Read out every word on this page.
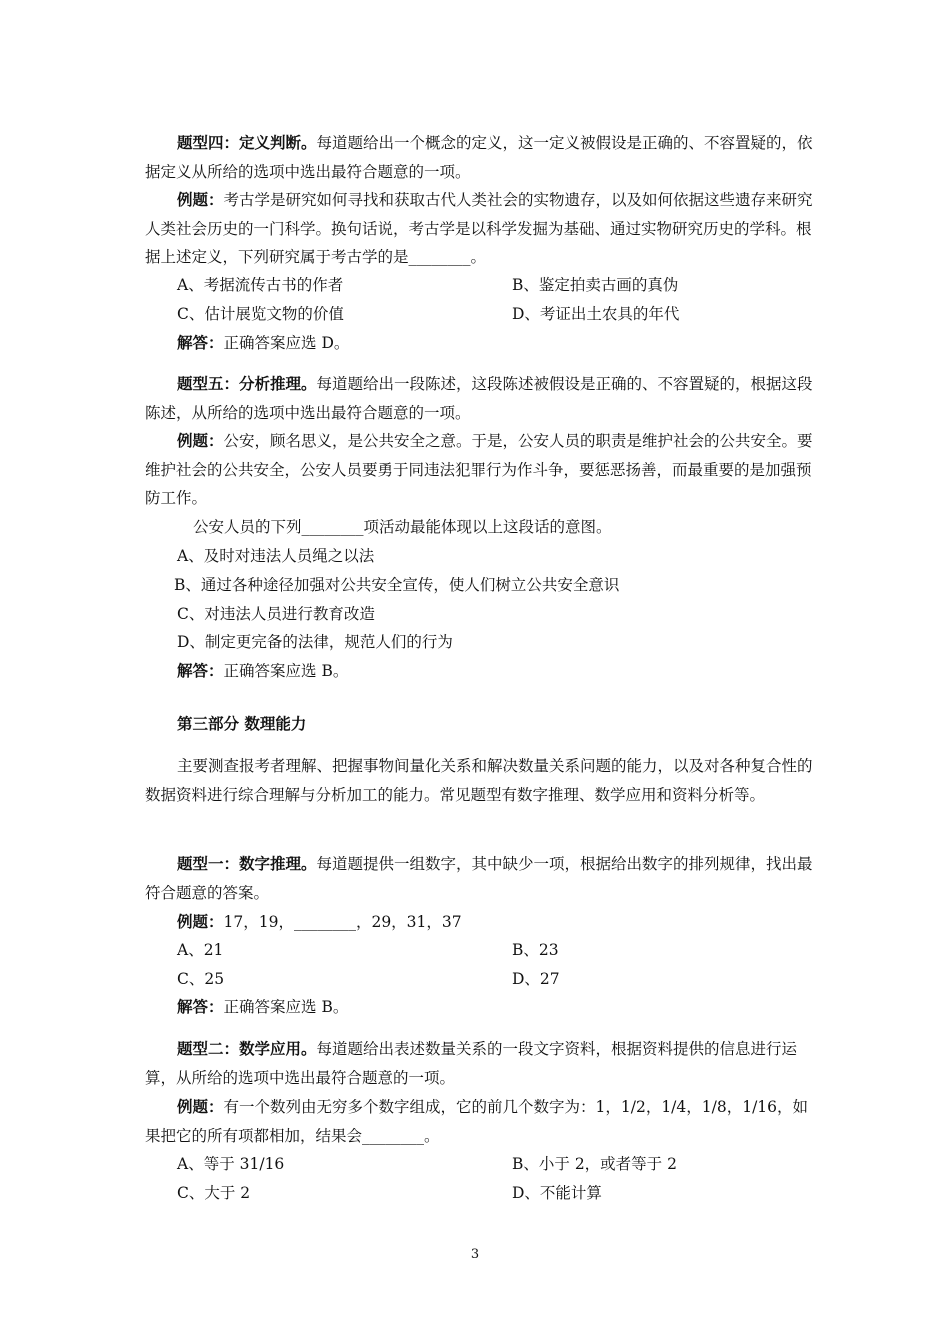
题型四：定义判断。每道题给出一个概念的定义，这一定义被假设是正确的、不容置疑的，依据定义从所给的选项中选出最符合题意的一项。

例题：考古学是研究如何寻找和获取古代人类社会的实物遗存，以及如何依据这些遗存来研究人类社会历史的一门科学。换句话说，考古学是以科学发掘为基础、通过实物研究历史的学科。根据上述定义，下列研究属于考古学的是________。

A、考据流传古书的作者	B、鉴定拍卖古画的真伪
C、估计展览文物的价值	D、考证出土农具的年代
解答：正确答案应选 D。

题型五：分析推理。每道题给出一段陈述，这段陈述被假设是正确的、不容置疑的，根据这段陈述，从所给的选项中选出最符合题意的一项。

例题：公安，顾名思义，是公共安全之意。于是，公安人员的职责是维护社会的公共安全。要维护社会的公共安全，公安人员要勇于同违法犯罪行为作斗争，要惩恶扬善，而最重要的是加强预防工作。

公安人员的下列________项活动最能体现以上这段话的意图。
A、及时对违法人员绳之以法
B、通过各种途径加强对公共安全宣传，使人们树立公共安全意识
C、对违法人员进行教育改造
D、制定更完备的法律，规范人们的行为
解答：正确答案应选 B。
第三部分 数理能力

主要测查报考者理解、把握事物间量化关系和解决数量关系问题的能力，以及对各种复合性的数据资料进行综合理解与分析加工的能力。常见题型有数字推理、数学应用和资料分析等。

题型一：数字推理。每道题提供一组数字，其中缺少一项，根据给出数字的排列规律，找出最符合题意的答案。

例题：17，19，________，29，31，37
A、21	B、23
C、25	D、27
解答：正确答案应选 B。

题型二：数学应用。每道题给出表述数量关系的一段文字资料，根据资料提供的信息进行运算，从所给的选项中选出最符合题意的一项。

例题：有一个数列由无穷多个数字组成，它的前几个数字为：1，1/2，1/4，1/8，1/16，如果把它的所有项都相加，结果会________。

A、等于 31/16	B、小于 2，或者等于 2
C、大于 2	D、不能计算
3
